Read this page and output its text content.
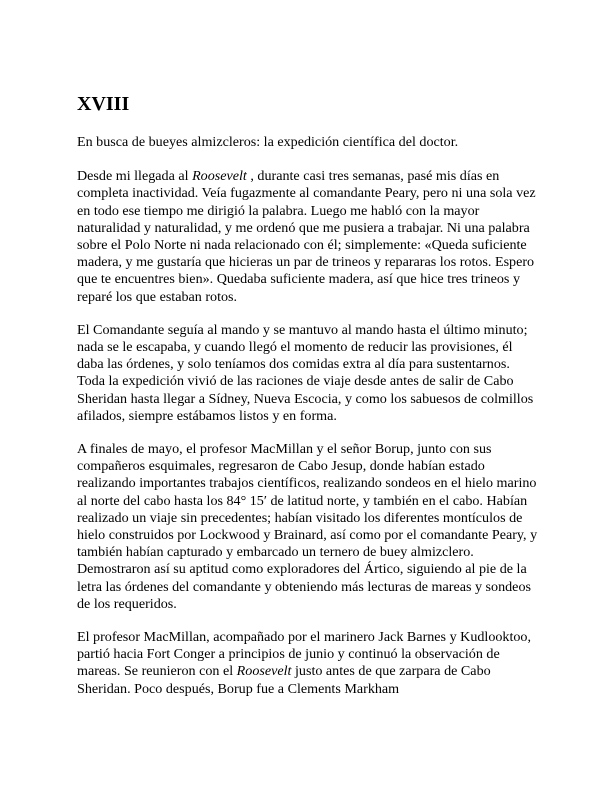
XVIII

En busca de bueyes almizcleros: la expedición científica del doctor.

Desde mi llegada al Roosevelt , durante casi tres semanas, pasé mis días en completa inactividad. Veía fugazmente al comandante Peary, pero ni una sola vez en todo ese tiempo me dirigió la palabra. Luego me habló con la mayor naturalidad y naturalidad, y me ordenó que me pusiera a trabajar. Ni una palabra sobre el Polo Norte ni nada relacionado con él; simplemente: «Queda suficiente madera, y me gustaría que hicieras un par de trineos y repararas los rotos. Espero que te encuentres bien». Quedaba suficiente madera, así que hice tres trineos y reparé los que estaban rotos.

El Comandante seguía al mando y se mantuvo al mando hasta el último minuto; nada se le escapaba, y cuando llegó el momento de reducir las provisiones, él daba las órdenes, y solo teníamos dos comidas extra al día para sustentarnos. Toda la expedición vivió de las raciones de viaje desde antes de salir de Cabo Sheridan hasta llegar a Sídney, Nueva Escocia, y como los sabuesos de colmillos afilados, siempre estábamos listos y en forma.

A finales de mayo, el profesor MacMillan y el señor Borup, junto con sus compañeros esquimales, regresaron de Cabo Jesup, donde habían estado realizando importantes trabajos científicos, realizando sondeos en el hielo marino al norte del cabo hasta los 84° 15′ de latitud norte, y también en el cabo. Habían realizado un viaje sin precedentes; habían visitado los diferentes montículos de hielo construidos por Lockwood y Brainard, así como por el comandante Peary, y también habían capturado y embarcado un ternero de buey almizclero. Demostraron así su aptitud como exploradores del Ártico, siguiendo al pie de la letra las órdenes del comandante y obteniendo más lecturas de mareas y sondeos de los requeridos.

El profesor MacMillan, acompañado por el marinero Jack Barnes y Kudlooktoo, partió hacia Fort Conger a principios de junio y continuó la observación de mareas. Se reunieron con el Roosevelt justo antes de que zarpara de Cabo Sheridan. Poco después, Borup fue a Clements Markham
